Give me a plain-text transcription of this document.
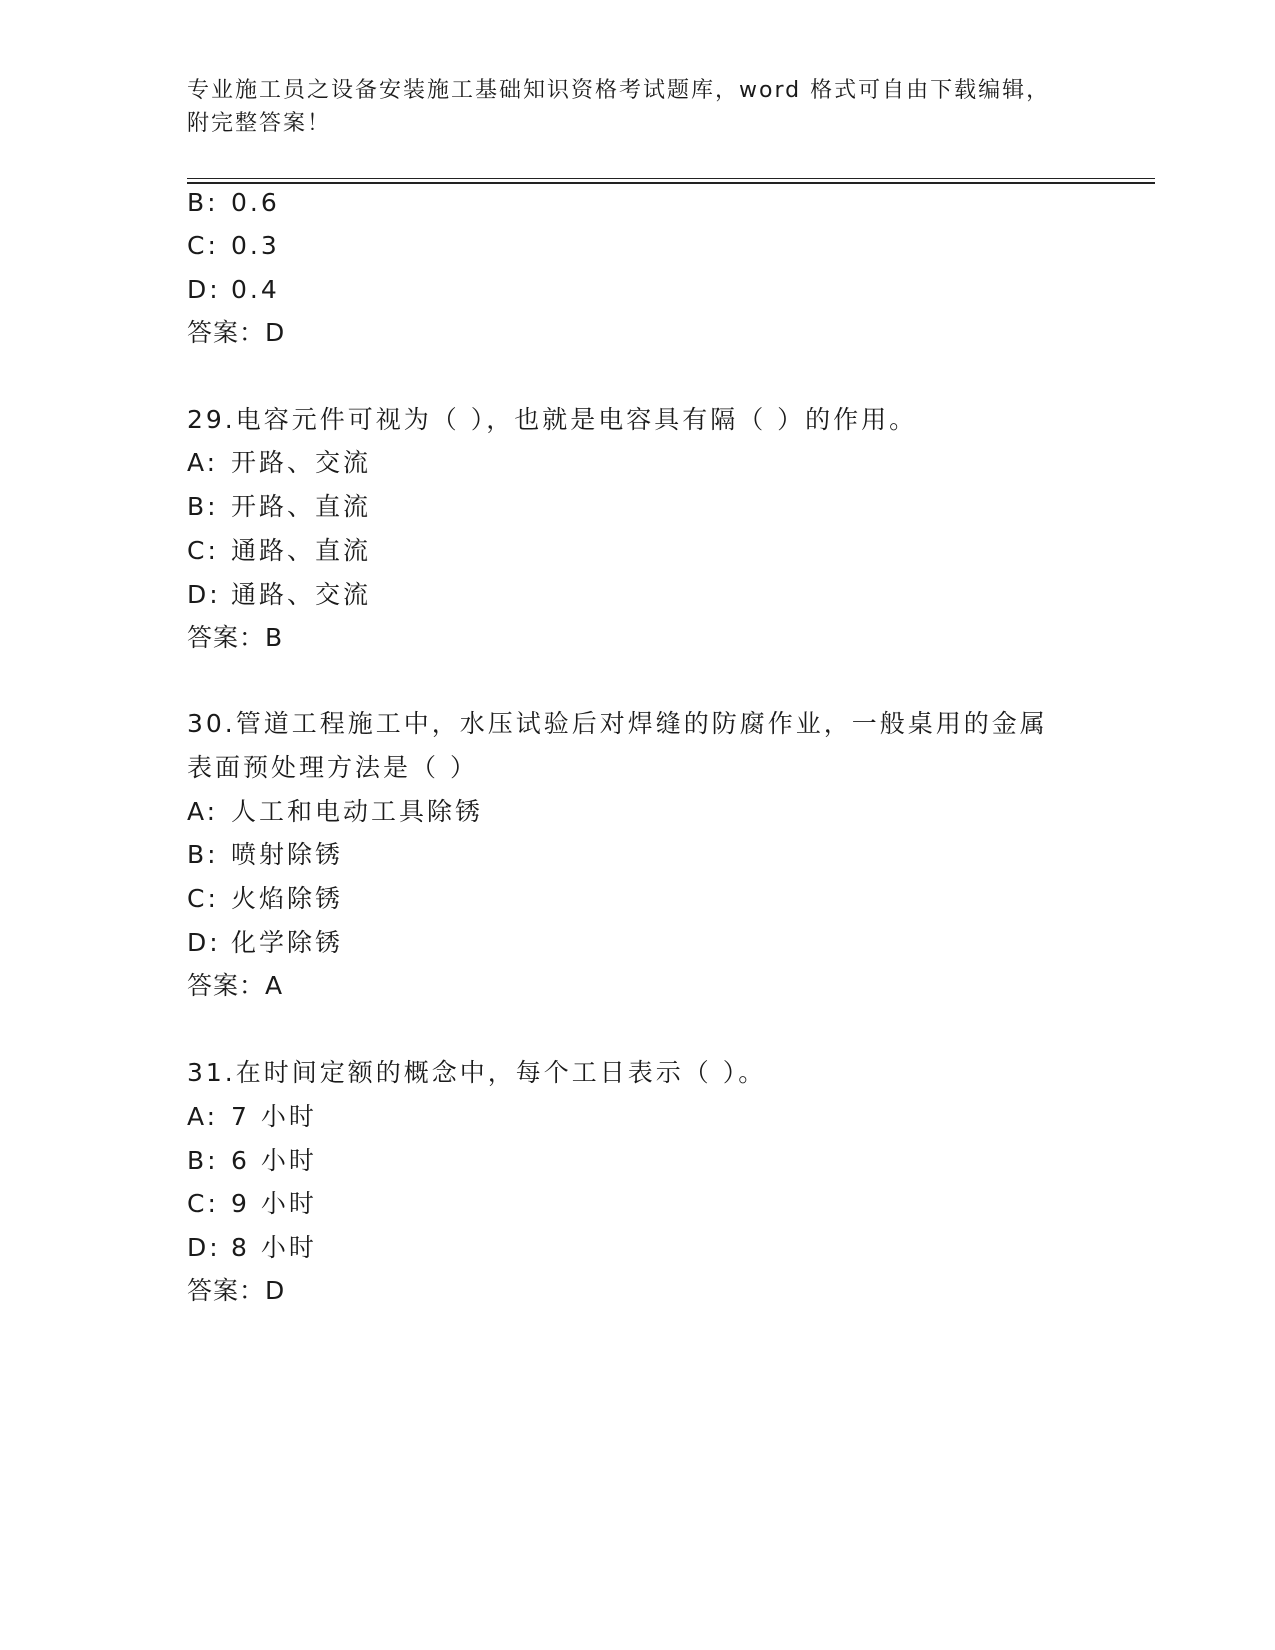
专业施工员之设备安装施工基础知识资格考试题库，word 格式可自由下载编辑，
附完整答案！
B: 0.6
C: 0.3
D: 0.4
答案：D
29.电容元件可视为（ ），也就是电容具有隔（ ）的作用。
A: 开路、交流
B: 开路、直流
C: 通路、直流
D: 通路、交流
答案：B
30.管道工程施工中，水压试验后对焊缝的防腐作业，一般桌用的金属
表面预处理方法是（ ）
A: 人工和电动工具除锈
B: 喷射除锈
C: 火焰除锈
D: 化学除锈
答案：A
31.在时间定额的概念中，每个工日表示（ ）。
A: 7 小时
B: 6 小时
C: 9 小时
D: 8 小时
答案：D
